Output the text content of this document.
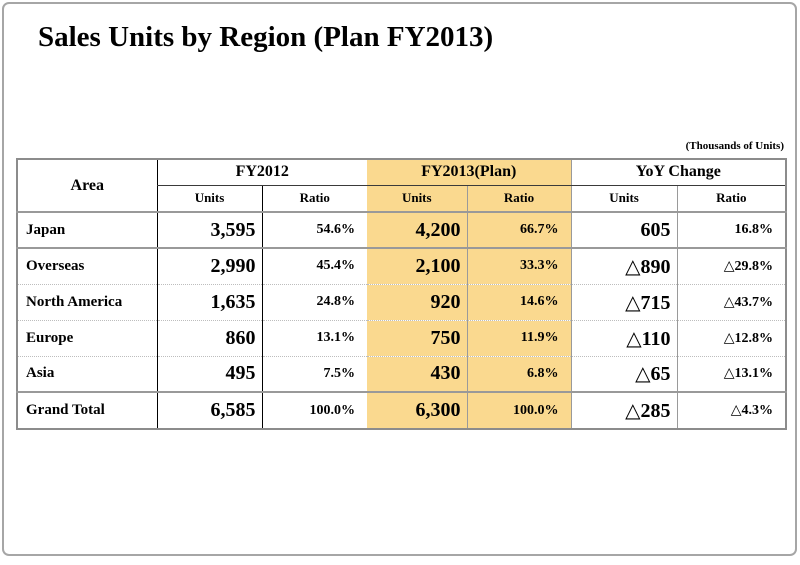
Sales Units by Region (Plan FY2013)
(Thousands of Units)
Area	FY2012		FY2013(Plan)		YoY Change	
	Units	Ratio	Units	Ratio	Units	Ratio
Japan	3,595	54.6%	4,200	66.7%	605	16.8%
Overseas	2,990	45.4%	2,100	33.3%	△890	△29.8%
North America	1,635	24.8%	920	14.6%	△715	△43.7%
Europe	860	13.1%	750	11.9%	△110	△12.8%
Asia	495	7.5%	430	6.8%	△65	△13.1%
Grand Total	6,585	100.0%	6,300	100.0%	△285	△4.3%
